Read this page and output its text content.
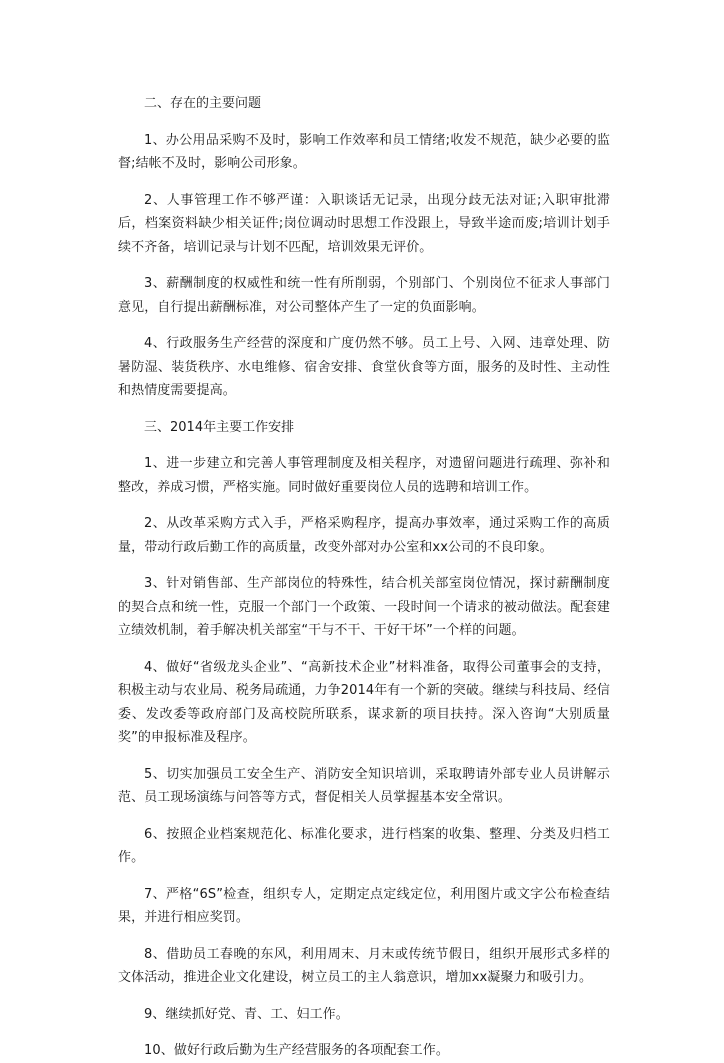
二、存在的主要问题

1、办公用品采购不及时，影响工作效率和员工情绪;收发不规范，缺少必要的监督;结帐不及时，影响公司形象。

2、人事管理工作不够严谨：入职谈话无记录，出现分歧无法对证;入职审批滞后，档案资料缺少相关证件;岗位调动时思想工作没跟上，导致半途而废;培训计划手续不齐备，培训记录与计划不匹配，培训效果无评价。

3、薪酬制度的权威性和统一性有所削弱，个别部门、个别岗位不征求人事部门意见，自行提出薪酬标准，对公司整体产生了一定的负面影响。

4、行政服务生产经营的深度和广度仍然不够。员工上号、入网、违章处理、防暑防湿、装货秩序、水电维修、宿舍安排、食堂伙食等方面，服务的及时性、主动性和热情度需要提高。

三、2014年主要工作安排

1、进一步建立和完善人事管理制度及相关程序，对遗留问题进行疏理、弥补和整改，养成习惯，严格实施。同时做好重要岗位人员的选聘和培训工作。

2、从改革采购方式入手，严格采购程序，提高办事效率，通过采购工作的高质量，带动行政后勤工作的高质量，改变外部对办公室和xx公司的不良印象。

3、针对销售部、生产部岗位的特殊性，结合机关部室岗位情况，探讨薪酬制度的契合点和统一性，克服一个部门一个政策、一段时间一个请求的被动做法。配套建立绩效机制，着手解决机关部室“干与不干、干好干坏”一个样的问题。

4、做好“省级龙头企业”、“高新技术企业”材料准备，取得公司董事会的支持，积极主动与农业局、税务局疏通，力争2014年有一个新的突破。继续与科技局、经信委、发改委等政府部门及高校院所联系，谋求新的项目扶持。深入咨询“大别质量奖”的申报标准及程序。

5、切实加强员工安全生产、消防安全知识培训，采取聘请外部专业人员讲解示范、员工现场演练与问答等方式，督促相关人员掌握基本安全常识。

6、按照企业档案规范化、标准化要求，进行档案的收集、整理、分类及归档工作。

7、严格“6S”检查，组织专人，定期定点定线定位，利用图片或文字公布检查结果，并进行相应奖罚。

8、借助员工春晚的东风，利用周末、月末或传统节假日，组织开展形式多样的文体活动，推进企业文化建设，树立员工的主人翁意识，增加xx凝聚力和吸引力。

9、继续抓好党、青、工、妇工作。

10、做好行政后勤为生产经营服务的各项配套工作。
